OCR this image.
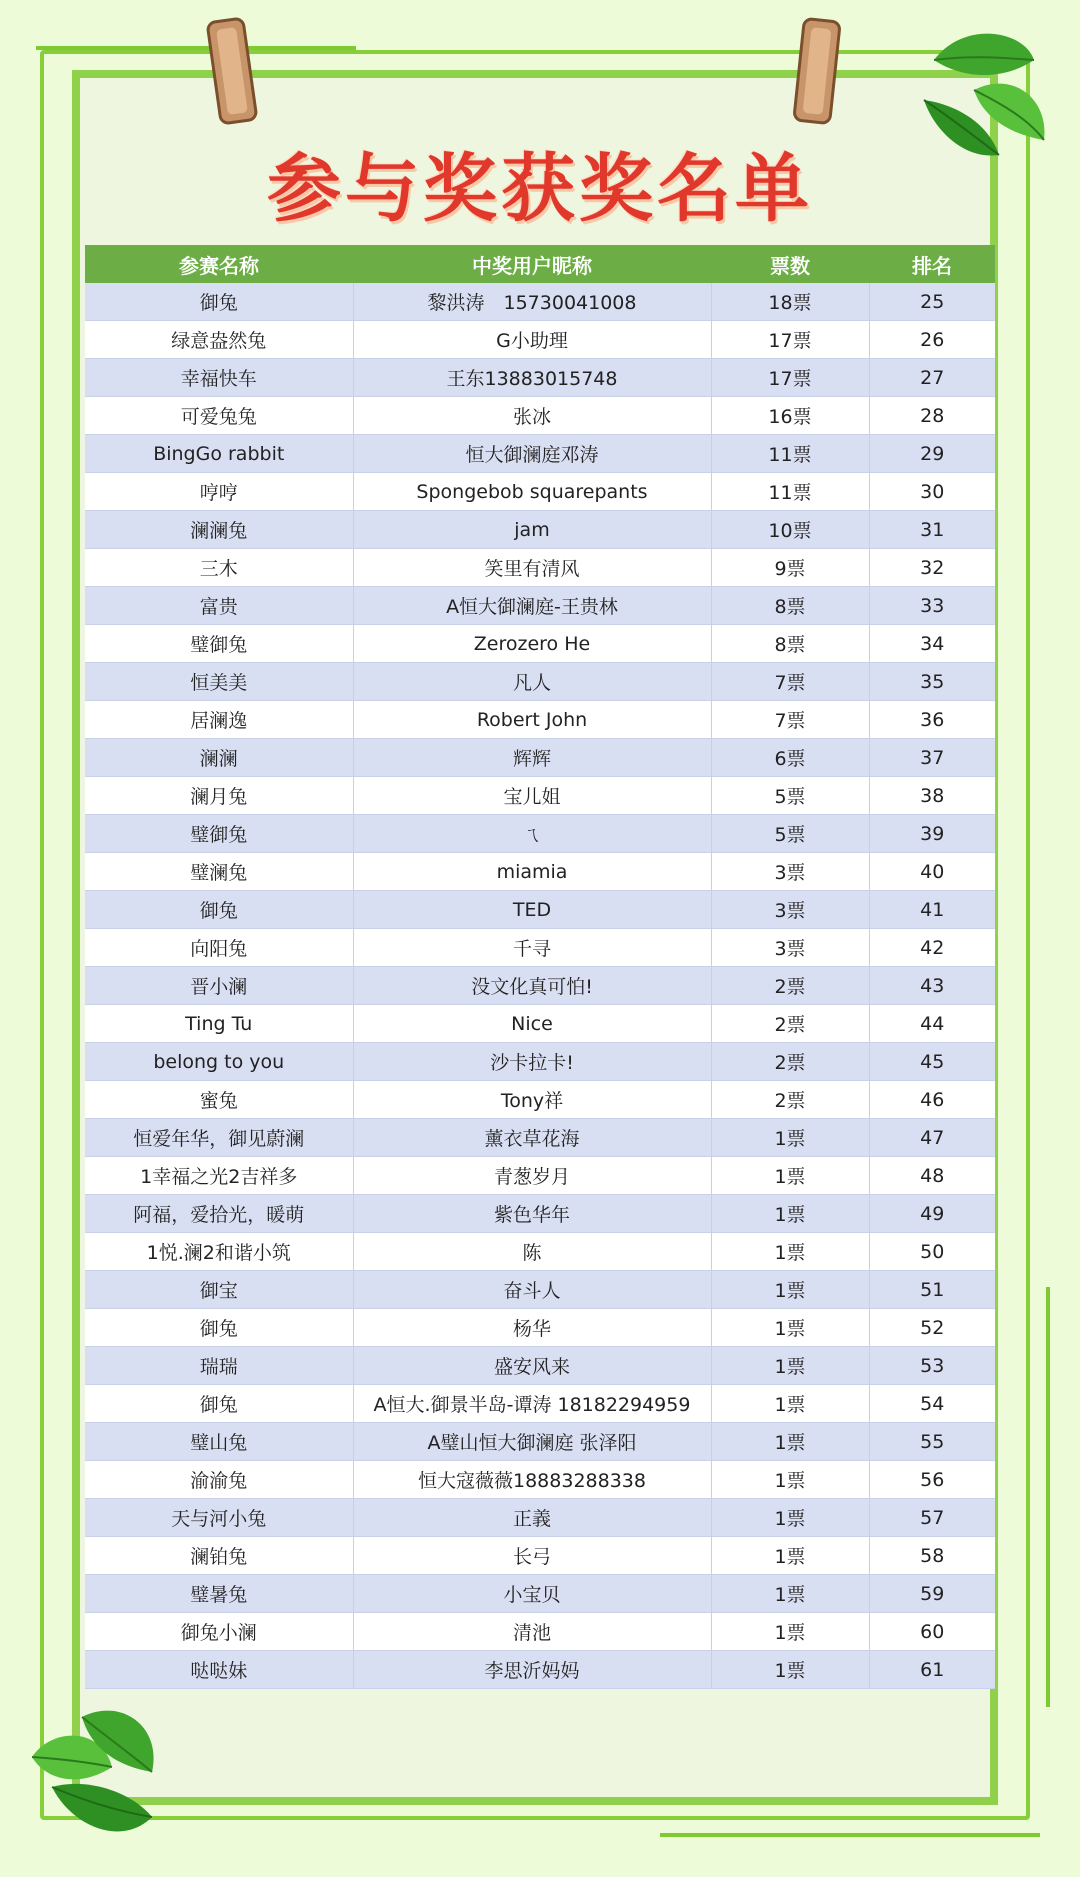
参与奖获奖名单
参赛名称	中奖用户昵称	票数	排名
御兔	黎洪涛　15730041008	18票	25
绿意盎然兔	G小助理	17票	26
幸福快车	王东13883015748	17票	27
可爱兔兔	张冰	16票	28
BingGo rabbit	恒大御澜庭邓涛	11票	29
哼哼	Spongebob squarepants	11票	30
澜澜兔	jam	10票	31
三木	笑里有清风	9票	32
富贵	A恒大御澜庭-王贵林	8票	33
璧御兔	Zerozero He	8票	34
恒美美	凡人	7票	35
居澜逸	Robert John	7票	36
澜澜	辉辉	6票	37
澜月兔	宝儿姐	5票	38
璧御兔	ㄟ	5票	39
璧澜兔	miamia	3票	40
御兔	TED	3票	41
向阳兔	千寻	3票	42
晋小澜	没文化真可怕!	2票	43
Ting Tu	Nice	2票	44
belong to you	沙卡拉卡!	2票	45
蜜兔	Tony祥	2票	46
恒爱年华，御见蔚澜	薰衣草花海	1票	47
1幸福之光2吉祥多	青葱岁月	1票	48
阿福，爱拾光，暖萌	紫色华年	1票	49
1悦.澜2和谐小筑	陈	1票	50
御宝	奋斗人	1票	51
御兔	杨华	1票	52
瑞瑞	盛安风来	1票	53
御兔	A恒大.御景半岛-谭涛 18182294959	1票	54
璧山兔	A璧山恒大御澜庭 张泽阳	1票	55
渝渝兔	恒大寇薇薇18883288338	1票	56
天与河小兔	正義	1票	57
澜铂兔	长弓	1票	58
璧暑兔	小宝贝	1票	59
御兔小澜	清池	1票	60
哒哒妹	李思沂妈妈	1票	61
